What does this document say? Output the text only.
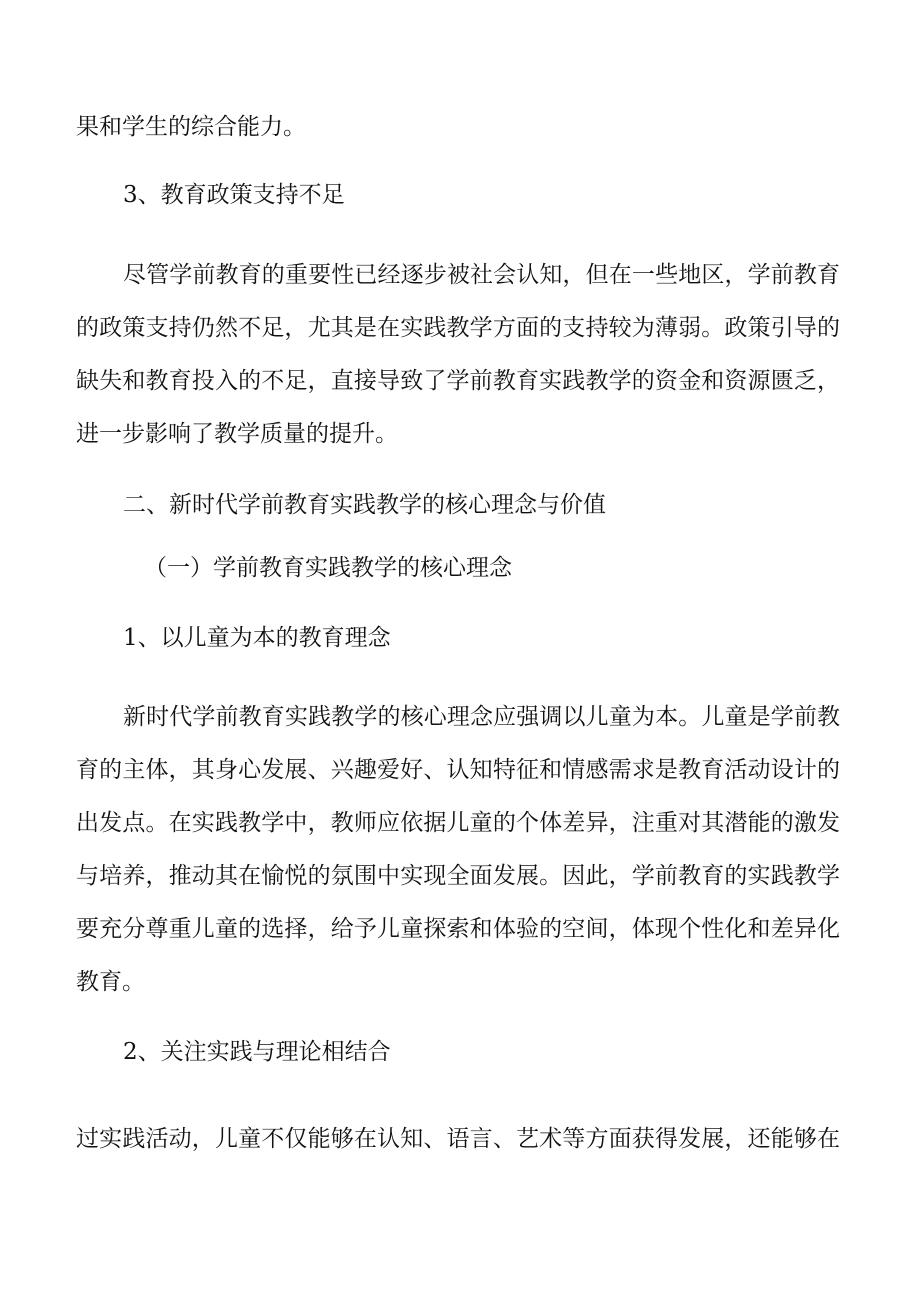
果和学生的综合能力。
3、教育政策支持不足
尽管学前教育的重要性已经逐步被社会认知，但在一些地区，学前教育
的政策支持仍然不足，尤其是在实践教学方面的支持较为薄弱。政策引导的
缺失和教育投入的不足，直接导致了学前教育实践教学的资金和资源匮乏，
进一步影响了教学质量的提升。
二、新时代学前教育实践教学的核心理念与价值
（一）学前教育实践教学的核心理念
1、以儿童为本的教育理念
新时代学前教育实践教学的核心理念应强调以儿童为本。儿童是学前教
育的主体，其身心发展、兴趣爱好、认知特征和情感需求是教育活动设计的
出发点。在实践教学中，教师应依据儿童的个体差异，注重对其潜能的激发
与培养，推动其在愉悦的氛围中实现全面发展。因此，学前教育的实践教学
要充分尊重儿童的选择，给予儿童探索和体验的空间，体现个性化和差异化
教育。
2、关注实践与理论相结合
过实践活动，儿童不仅能够在认知、语言、艺术等方面获得发展，还能够在
